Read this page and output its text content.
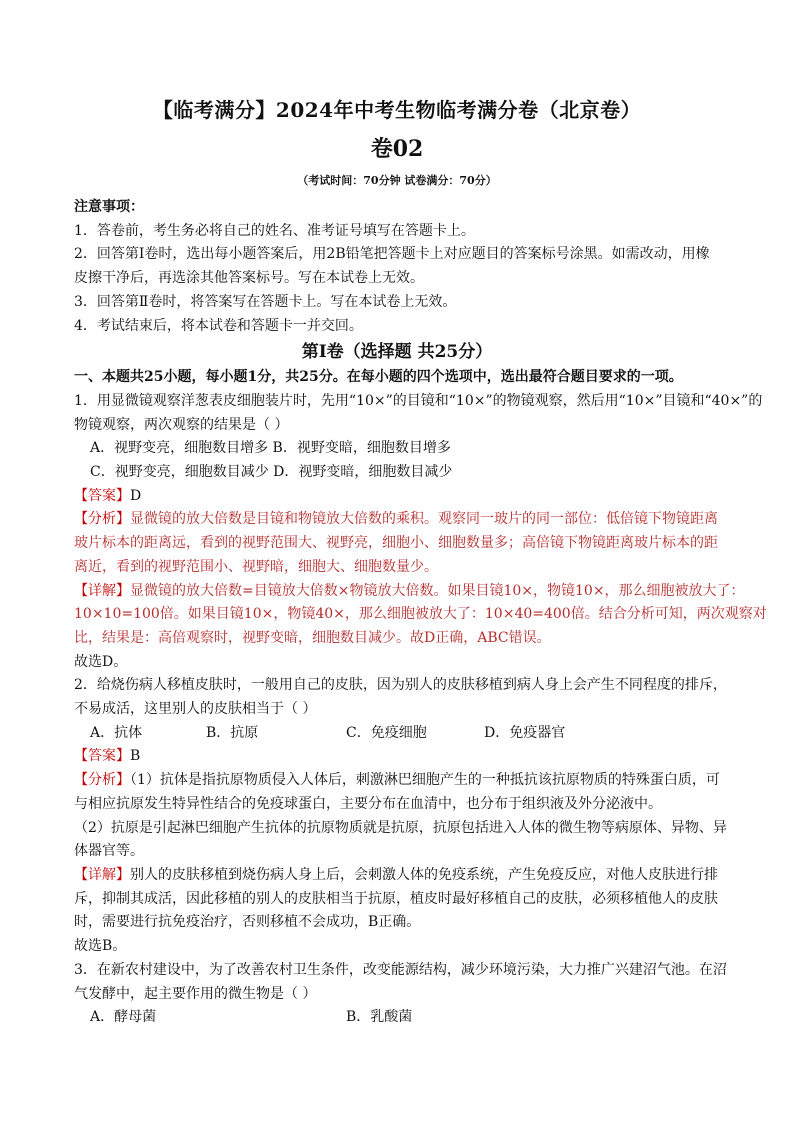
【临考满分】2024年中考生物临考满分卷（北京卷）
卷02
（考试时间：70分钟 试卷满分：70分）
注意事项：
1．答卷前，考生务必将自己的姓名、准考证号填写在答题卡上。
2．回答第Ⅰ卷时，选出每小题答案后，用2B铅笔把答题卡上对应题目的答案标号涂黑。如需改动，用橡
皮擦干净后，再选涂其他答案标号。写在本试卷上无效。
3．回答第Ⅱ卷时，将答案写在答题卡上。写在本试卷上无效。
4．考试结束后，将本试卷和答题卡一并交回。
第Ⅰ卷（选择题 共25分）
一、本题共25小题，每小题1分，共25分。在每小题的四个选项中，选出最符合题目要求的一项。
1．用显微镜观察洋葱表皮细胞装片时，先用“10×”的目镜和“10×”的物镜观察，然后用“10×”目镜和“40×”的
物镜观察，两次观察的结果是（ ）
A．视野变亮，细胞数目增多 B．视野变暗，细胞数目增多
C．视野变亮，细胞数目减少 D．视野变暗，细胞数目减少
【答案】D
【分析】显微镜的放大倍数是目镜和物镜放大倍数的乘积。观察同一玻片的同一部位：低倍镜下物镜距离
玻片标本的距离远，看到的视野范围大、视野亮，细胞小、细胞数量多；高倍镜下物镜距离玻片标本的距
离近，看到的视野范围小、视野暗，细胞大、细胞数量少。
【详解】显微镜的放大倍数=目镜放大倍数×物镜放大倍数。如果目镜10×，物镜10×，那么细胞被放大了：
10×10=100倍。如果目镜10×，物镜40×，那么细胞被放大了：10×40=400倍。结合分析可知，两次观察对
比，结果是：高倍观察时，视野变暗，细胞数目减少。故D正确，ABC错误。
故选D。
2．给烧伤病人移植皮肤时，一般用自己的皮肤，因为别人的皮肤移植到病人身上会产生不同程度的排斥，
不易成活，这里别人的皮肤相当于（ ）
A．抗体	B．抗原	C．免疫细胞	D．免疫器官
【答案】B
【分析】（1）抗体是指抗原物质侵入人体后，刺激淋巴细胞产生的一种抵抗该抗原物质的特殊蛋白质，可
与相应抗原发生特异性结合的免疫球蛋白，主要分布在血清中，也分布于组织液及外分泌液中。
（2）抗原是引起淋巴细胞产生抗体的抗原物质就是抗原，抗原包括进入人体的微生物等病原体、异物、异
体器官等。
【详解】别人的皮肤移植到烧伤病人身上后，会刺激人体的免疫系统，产生免疫反应，对他人皮肤进行排
斥，抑制其成活，因此移植的别人的皮肤相当于抗原，植皮时最好移植自己的皮肤，必须移植他人的皮肤
时，需要进行抗免疫治疗，否则移植不会成功，B正确。
故选B。
3．在新农村建设中，为了改善农村卫生条件，改变能源结构，减少环境污染，大力推广兴建沼气池。在沼
气发酵中，起主要作用的微生物是（ ）
A．酵母菌	B．乳酸菌
